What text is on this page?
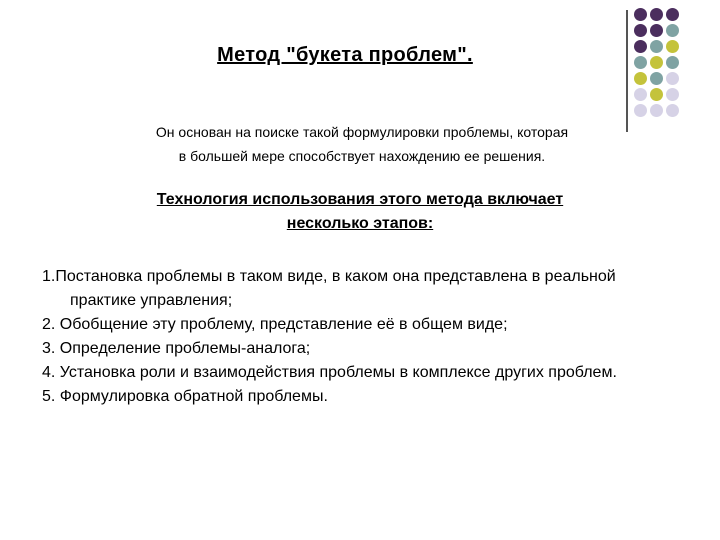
Метод "букета проблем".
Он основан на поиске такой формулировки проблемы, которая
в большей мере способствует нахождению ее решения.
Технология использования этого метода включает
несколько этапов:
1.Постановка проблемы в таком виде, в каком она представлена в реальной практике управления;
2. Обобщение эту проблему, представление её в общем виде;
3. Определение проблемы-аналога;
4. Установка роли и взаимодействия проблемы в комплексе других проблем.
5. Формулировка обратной проблемы.
